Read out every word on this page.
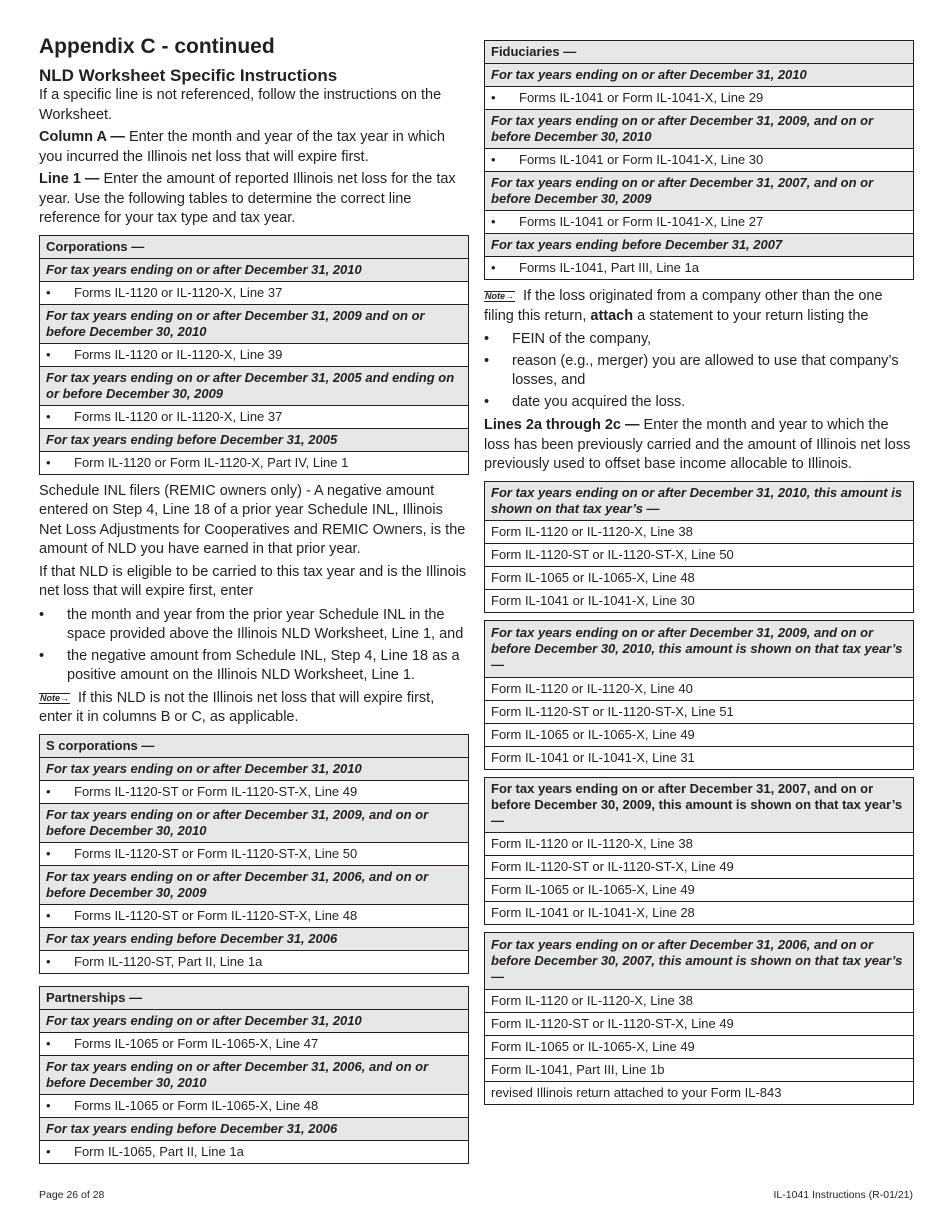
Appendix C - continued
NLD Worksheet Specific Instructions

If a specific line is not referenced, follow the instructions on the Worksheet.

Column A — Enter the month and year of the tax year in which you incurred the Illinois net loss that will expire first.

Line 1 — Enter the amount of reported Illinois net loss for the tax year. Use the following tables to determine the correct line reference for your tax type and tax year.

Corporations —
For tax years ending on or after December 31, 2010
• Forms IL-1120 or IL-1120-X, Line 37
For tax years ending on or after December 31, 2009 and on or before December 30, 2010
• Forms IL-1120 or IL-1120-X, Line 39
For tax years ending on or after December 31, 2005 and ending on or before December 30, 2009
• Forms IL-1120 or IL-1120-X, Line 37
For tax years ending before December 31, 2005
• Form IL-1120 or Form IL-1120-X, Part IV, Line 1

Schedule INL filers (REMIC owners only) - A negative amount entered on Step 4, Line 18 of a prior year Schedule INL, Illinois Net Loss Adjustments for Cooperatives and REMIC Owners, is the amount of NLD you have earned in that prior year.

If that NLD is eligible to be carried to this tax year and is the Illinois net loss that will expire first, enter

• the month and year from the prior year Schedule INL in the space provided above the Illinois NLD Worksheet, Line 1, and
• the negative amount from Schedule INL, Step 4, Line 18 as a positive amount on the Illinois NLD Worksheet, Line 1.

Note→ If this NLD is not the Illinois net loss that will expire first, enter it in columns B or C, as applicable.

S corporations —
For tax years ending on or after December 31, 2010
• Forms IL-1120-ST or Form IL-1120-ST-X, Line 49
For tax years ending on or after December 31, 2009, and on or before December 30, 2010
• Forms IL-1120-ST or Form IL-1120-ST-X, Line 50
For tax years ending on or after December 31, 2006, and on or before December 30, 2009
• Forms IL-1120-ST or Form IL-1120-ST-X, Line 48
For tax years ending before December 31, 2006
• Form IL-1120-ST, Part II, Line 1a
Partnerships —
For tax years ending on or after December 31, 2010
• Forms IL-1065 or Form IL-1065-X, Line 47
For tax years ending on or after December 31, 2006, and on or before December 30, 2010
• Forms IL-1065 or Form IL-1065-X, Line 48
For tax years ending before December 31, 2006
• Form IL-1065, Part II, Line 1a
Fiduciaries —
For tax years ending on or after December 31, 2010
• Forms IL-1041 or Form IL-1041-X, Line 29
For tax years ending on or after December 31, 2009, and on or before December 30, 2010
• Forms IL-1041 or Form IL-1041-X, Line 30
For tax years ending on or after December 31, 2007, and on or before December 30, 2009
• Forms IL-1041 or Form IL-1041-X, Line 27
For tax years ending before December 31, 2007
• Forms IL-1041, Part III, Line 1a

Note→ If the loss originated from a company other than the one filing this return, attach a statement to your return listing the

• FEIN of the company,
• reason (e.g., merger) you are allowed to use that company’s losses, and
• date you acquired the loss.

Lines 2a through 2c — Enter the month and year to which the loss has been previously carried and the amount of Illinois net loss previously used to offset base income allocable to Illinois.

For tax years ending on or after December 31, 2010, this amount is shown on that tax year’s —
Form IL-1120 or IL-1120-X, Line 38
Form IL-1120-ST or IL-1120-ST-X, Line 50
Form IL-1065 or IL-1065-X, Line 48
Form IL-1041 or IL-1041-X, Line 30
For tax years ending on or after December 31, 2009, and on or before December 30, 2010, this amount is shown on that tax year’s —
Form IL-1120 or IL-1120-X, Line 40
Form IL-1120-ST or IL-1120-ST-X, Line 51
Form IL-1065 or IL-1065-X, Line 49
Form IL-1041 or IL-1041-X, Line 31
For tax years ending on or after December 31, 2007, and on or before December 30, 2009, this amount is shown on that tax year’s —
Form IL-1120 or IL-1120-X, Line 38
Form IL-1120-ST or IL-1120-ST-X, Line 49
Form IL-1065 or IL-1065-X, Line 49
Form IL-1041 or IL-1041-X, Line 28
For tax years ending on or after December 31, 2006, and on or before December 30, 2007, this amount is shown on that tax year’s —
Form IL-1120 or IL-1120-X, Line 38
Form IL-1120-ST or IL-1120-ST-X, Line 49
Form IL-1065 or IL-1065-X, Line 49
Form IL-1041, Part III, Line 1b
revised Illinois return attached to your Form IL-843
Page 26 of 28	IL-1041 Instructions (R-01/21)
